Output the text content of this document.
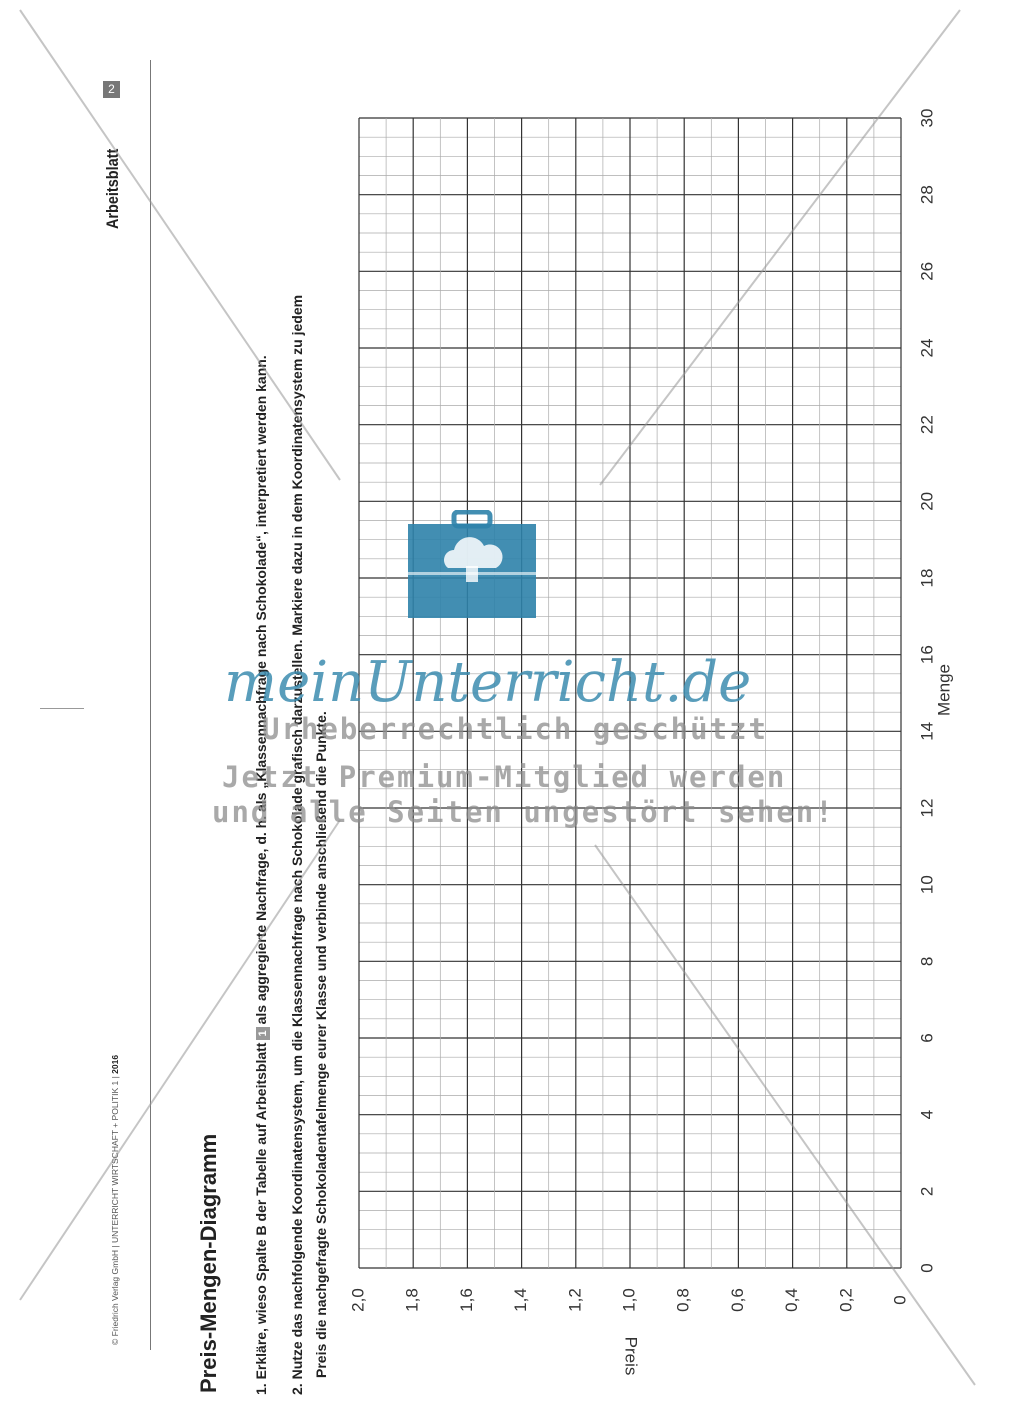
© Friedrich Verlag GmbH | UNTERRICHT WIRTSCHAFT + POLITIK 1 | 2016
Arbeitsblatt
2
Preis-Mengen-Diagramm 1. Erkläre, wieso Spalte B der Tabelle auf Arbeitsblatt1als aggregierte Nachfrage, d. h. als „Klassennachfrage nach Schokolade“, interpretiert werden kann.
2. Nutze das nachfolgende Koordinatensystem, um die Klassennachfrage nach Schokolade grafisch darzustellen. Markiere dazu in dem Koordinatensystem zu jedem Preis die nachgefragte Schokoladentafelmenge eurer Klasse und verbinde anschließend die Punkte.	0
2
4
6
8
10
12
14
16
18
20
22
24
26
28
30
0
0,2
0,4
0,6
0,8
1,0
1,2
1,4
1,6
1,8
2,0
Menge
Preis
meinUnterricht.de
Urheberrechtlich geschützt
Jetzt Premium-Mitglied werden
und alle Seiten ungestört sehen!
